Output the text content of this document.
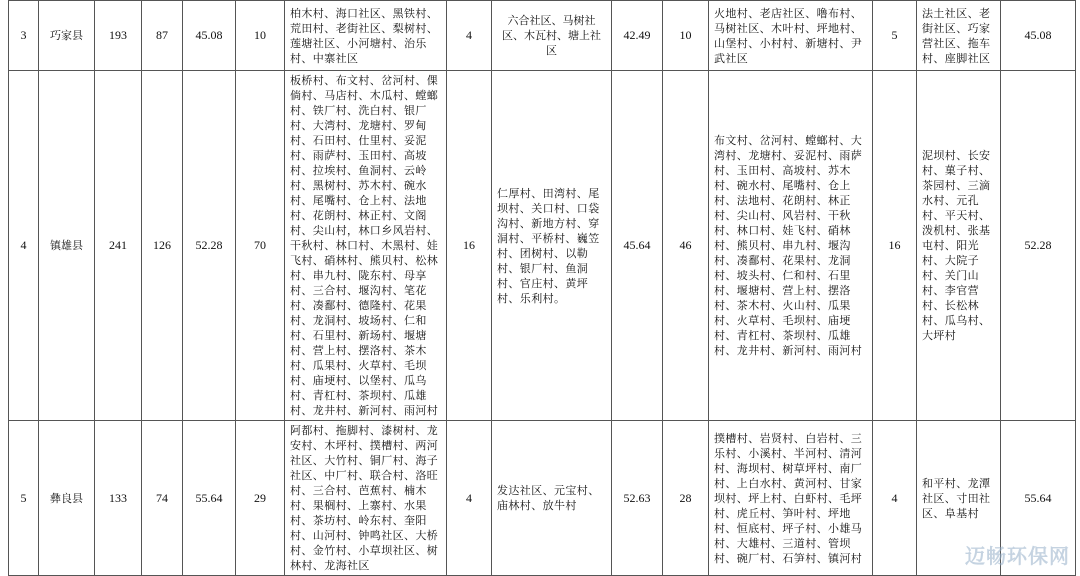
3	巧家县	193	87	45.08	10	柏木村、海口社区、黑铁村、荒田村、老街社区、梨树村、莲塘社区、小河塘村、治乐村、中寨社区	4	六合社区、马树社区、木瓦村、塘上社区	42.49	10	火地村、老店社区、噜布村、马树社区、木叶村、坪地村、山堡村、小村村、新塘村、尹武社区	5	法土社区、老街社区、巧家营社区、拖车村、座脚社区	45.08
4	镇雄县	241	126	52.28	70	板桥村、布文村、岔河村、倮倘村、马店村、木瓜村、螳螂村、铁厂村、洗白村、银厂村、大湾村、龙塘村、罗甸村、石田村、仕里村、妥泥村、雨萨村、玉田村、高坡村、拉埃村、鱼洞村、云岭村、黑树村、苏木村、碗水村、尾嘴村、仓上村、法地村、花朗村、林正村、文阁村、尖山村，林口乡风岩村、干秋村、林口村、木黑村、娃飞村、硝林村、熊贝村、松林村、串九村、陇东村、母享村、三合村、堰沟村、笔花村、凑鄱村、德隆村、花果村、龙洞村、坡场村、仁和村、石里村、新场村、堰塘村、营上村、摆洛村、茶木村、瓜果村、火草村、毛坝村、庙埂村、以堡村、瓜乌村、青杠村、茶坝村、瓜雄村、龙井村、新河村、雨河村	16	仁厚村、田湾村、尾坝村、关口村、口袋沟村、新地方村、穿洞村、平桥村、巍笠村、团树村、以勒村、银厂村、鱼洞村、官庄村、黄坪村、乐利村。	45.64	46	布文村、岔河村、螳螂村、大湾村、龙塘村、妥泥村、雨萨村、玉田村、高坡村、苏木村、碗水村、尾嘴村、仓上村、法地村、花朗村、林正村、尖山村、风岩村、干秋村、林口村、娃飞村、硝林村、熊贝村、串九村、堰沟村、凑鄱村、花果村、龙洞村、坡头村、仁和村、石里村、堰塘村、营上村、摆洛村、茶木村、火山村、瓜果村、火草村、毛坝村、庙埂村、青杠村、茶坝村、瓜雄村、龙井村、新河村、雨河村	16	泥坝村、长安村、菓子村、茶园村、三滴水村、元孔村、平天村、泼机村、张基屯村、阳光村、大院子村、关门山村、李官营村、长松林村、瓜乌村、大坪村	52.28
5	彝良县	133	74	55.64	29	阿都村、拖脚村、漆树村、龙安村、木坪村、撲槽村、两河社区、大竹村、铜厂村、海子社区、中厂村、联合村、洛旺村、三合村、芭蕉村、楠木村、果榈村、上寨村、水果村、茶坊村、岭东村、奎阳村、山河村、钟鸣社区、大桥村、金竹村、小草坝社区、树林村、龙海社区	4	发达社区、元宝村、庙林村、放牛村	52.63	28	撲槽村、岩贤村、白岩村、三乐村、小溪村、半河村、清河村、海坝村、树草坪村、南厂村、上白水村、黄河村、甘家坝村、坪上村、白虾村、毛坪村、虎丘村、笋叶村、坪地村、恒底村、坪子村、小雄马村、大雄村、三道村、管坝村、碗厂村、石笋村、镇河村	4	和平村、龙潭社区、寸田社区、阜基村	55.64
迈畅环保网
